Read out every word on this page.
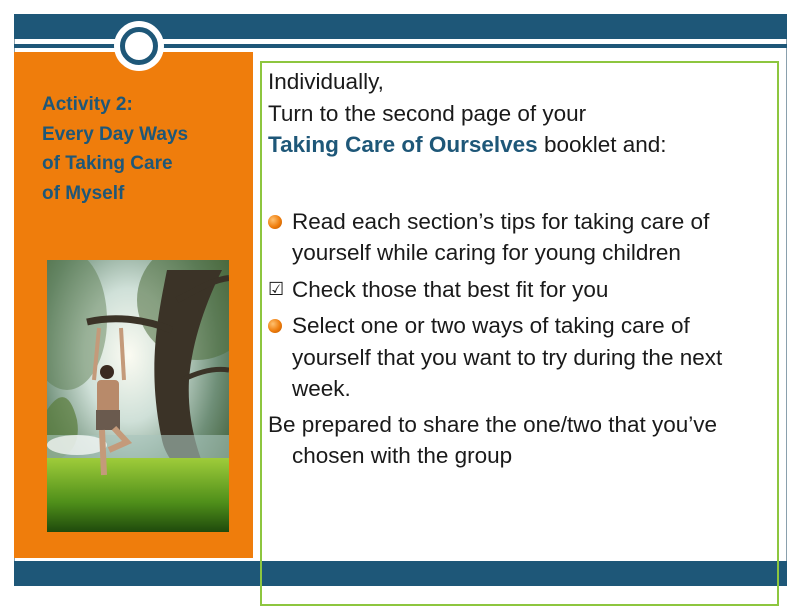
Activity 2:
Every Day Ways
of Taking Care
of Myself
Individually,
Turn to the second page of your
Taking Care of Ourselves booklet and:
Read each section’s tips for taking care of yourself while caring for young children
☑ Check those that best fit for you
Select one or two ways of taking care of yourself that you want to try during the next week.
Be prepared to share the one/two that you’ve chosen with the group
